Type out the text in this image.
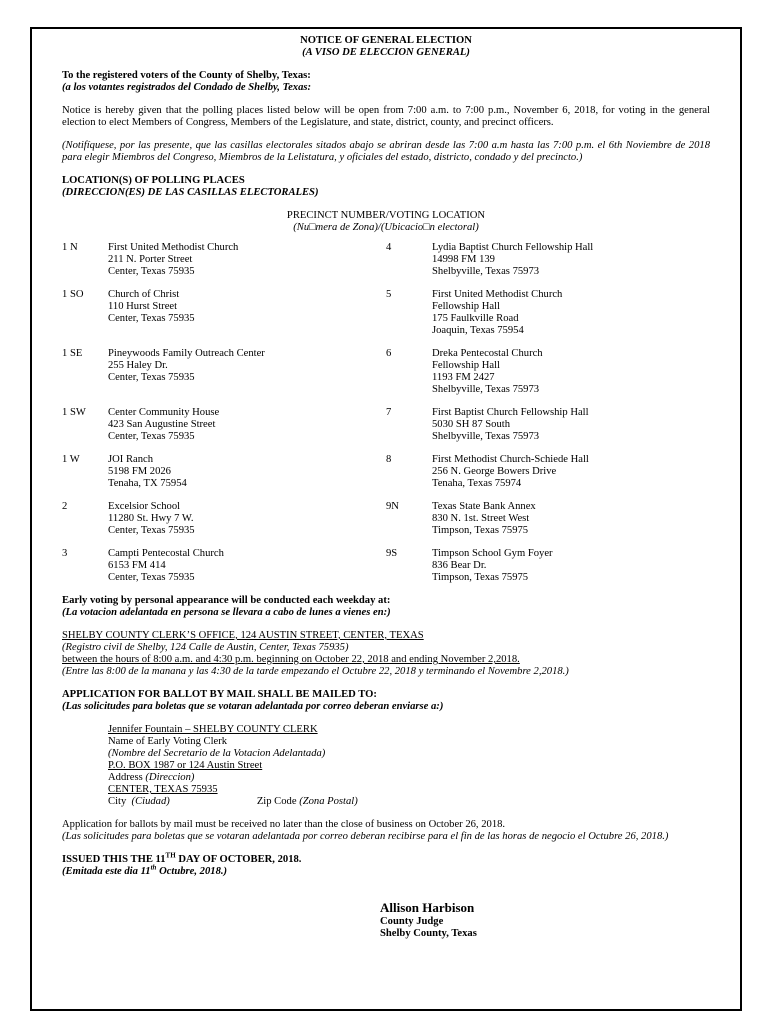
NOTICE OF GENERAL ELECTION

(A VISO DE ELECCION GENERAL)

To the registered voters of the County of Shelby, Texas:

(a los votantes registrados del Condado de Shelby, Texas:

Notice is hereby given that the polling places listed below will be open from 7:00 a.m. to 7:00 p.m., November 6, 2018, for voting in the general election to elect Members of Congress, Members of the Legislature, and state, district, county, and precinct officers.

(Notifíquese, por las presente, que las casillas electorales sitados abajo se abriran desde las 7:00 a.m hasta las 7:00 p.m. el 6th Noviembre de 2018 para elegir Miembros del Congreso, Miembros de la Lelistatura, y oficiales del estado, districto, condado y del precincto.)

LOCATION(S) OF POLLING PLACES

(DIRECCION(ES) DE LAS CASILLAS ELECTORALES)

PRECINCT NUMBER/VOTING LOCATION

(Nu□mera de Zona)/(Ubicacio□n electoral)

1 N	First United Methodist Church
211 N. Porter Street
Center, Texas 75935
4	Lydia Baptist Church Fellowship Hall
14998 FM 139
Shelbyville, Texas 75973
1 SO	Church of Christ
110 Hurst Street
Center, Texas 75935
5	First United Methodist Church
Fellowship Hall
175 Faulkville Road
Joaquin, Texas 75954
1 SE	Pineywoods Family Outreach Center
255 Haley Dr.
Center, Texas 75935
6	Dreka Pentecostal Church
Fellowship Hall
1193 FM 2427
Shelbyville, Texas 75973
1 SW	Center Community House
423 San Augustine Street
Center, Texas 75935
7	First Baptist Church Fellowship Hall
5030 SH 87 South
Shelbyville, Texas 75973
1 W	JOI Ranch
5198 FM 2026
Tenaha, TX 75954
8	First Methodist Church-Schiede Hall
256 N. George Bowers Drive
Tenaha, Texas 75974
2	Excelsior School
11280 St. Hwy 7 W.
Center, Texas 75935
9N	Texas State Bank Annex
830 N. 1st. Street West
Timpson, Texas 75975
3	Campti Pentecostal Church
6153 FM 414
Center, Texas 75935
9S	Timpson School Gym Foyer
836 Bear Dr.
Timpson, Texas 75975

Early voting by personal appearance will be conducted each weekday at:

(La votacion adelantada en persona se llevara a cabo de lunes a vienes en:)

SHELBY COUNTY CLERK’S OFFICE, 124 AUSTIN STREET, CENTER, TEXAS

(Registro civil de Shelby, 124 Calle de Austin, Center, Texas 75935)

between the hours of 8:00 a.m. and 4:30 p.m. beginning on October 22, 2018 and ending November 2,2018.

(Entre las 8:00 de la manana y las 4:30 de la tarde empezando el Octubre 22, 2018 y terminando el Novembre 2,2018.)

APPLICATION FOR BALLOT BY MAIL SHALL BE MAILED TO:

(Las solicitudes para boletas que se votaran adelantada por correo deberan enviarse a:)

Jennifer Fountain – SHELBY COUNTY CLERK

Name of Early Voting Clerk

(Nombre del Secretario de la Votacion Adelantada)

P.O. BOX 1987 or 124 Austin Street

Address (Direccion)

CENTER, TEXAS 75935

City (Ciudad)	Zip Code (Zona Postal)

Application for ballots by mail must be received no later than the close of business on October 26, 2018.

(Las solicitudes para boletas que se votaran adelantada por correo deberan recibirse para el fin de las horas de negocio el Octubre 26, 2018.)

ISSUED THIS THE 11TH DAY OF OCTOBER, 2018.

(Emitada este dia 11th Octubre, 2018.)

Allison Harbison

County Judge

Shelby County, Texas
